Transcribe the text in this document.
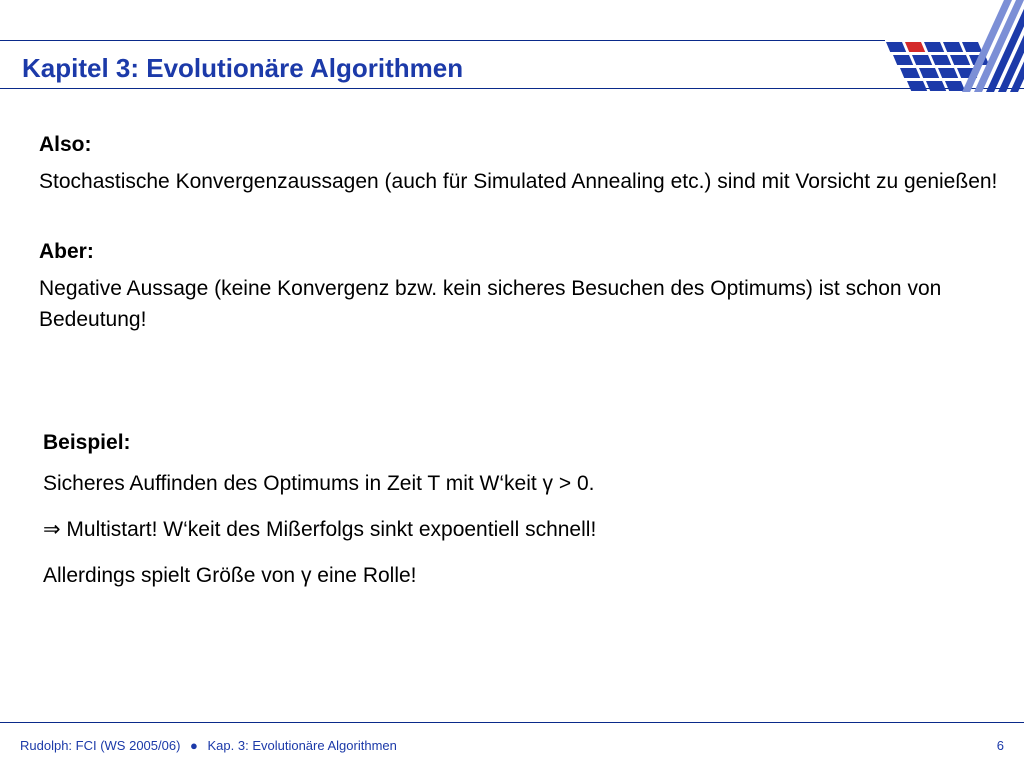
Kapitel 3: Evolutionäre Algorithmen

Also:

Stochastische Konvergenzaussagen (auch für Simulated Annealing etc.) sind mit Vorsicht zu genießen!

Aber:

Negative Aussage (keine Konvergenz bzw. kein sicheres Besuchen des Optimums) ist schon von Bedeutung!

Beispiel:

Sicheres Auffinden des Optimums in Zeit T mit W‘keit γ > 0.

⇒ Multistart! W‘keit des Mißerfolgs sinkt expoentiell schnell!

Allerdings spielt Größe von γ eine Rolle!

Rudolph: FCI (WS 2005/06) ● Kap. 3: Evolutionäre Algorithmen	6
